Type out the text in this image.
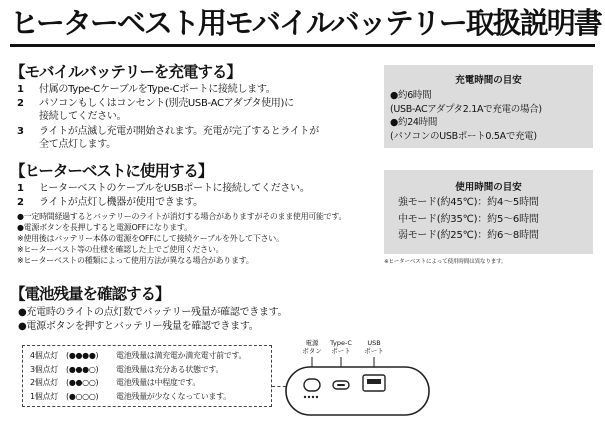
ヒーターベスト用モバイルバッテリー取扱説明書
【モバイルバッテリーを充電する】
1 付属のType-CケーブルをType-Cポートに接続します。
2 パソコンもしくはコンセント(別売USB-ACアダプタ使用)に
接続してください。
3 ライトが点滅し充電が開始されます。充電が完了するとライトが
全て点灯します。
充電時間の目安
●約6時間
(USB-ACアダプタ2.1Aで充電の場合)
●約24時間
(パソコンのUSBポート0.5Aで充電)
【ヒーターベストに使用する】
1 ヒーターベストのケーブルをUSBポートに接続してください。
2 ライトが点灯し機器が使用できます。
●一定時間経過するとバッテリーのライトが消灯する場合がありますがそのまま使用可能です。
●電源ボタンを長押しすると電源OFFになります。
※使用後はバッテリー本体の電源をOFFにして接続ケーブルを外して下さい。
※ヒーターベスト等の仕様を確認した上でご使用ください。
※ヒーターベストの種類によって使用方法が異なる場合があります。
使用時間の目安
強モード(約45℃)：約4〜5時間
中モード(約35℃)：約5〜6時間
弱モード(約25℃)：約6〜8時間
※ヒーターベストによって使用時間は異なります。
【電池残量を確認する】
●充電時のライトの点灯数でバッテリー残量が確認できます。
●電源ボタンを押すとバッテリー残量を確認できます。
4個点灯 (●●●●) 電池残量は満充電か満充電寸前です。
3個点灯 (●●●○) 電池残量は充分ある状態です。
2個点灯 (●●○○) 電池残量は中程度です。
1個点灯 (●○○○) 電池残量が少なくなっています。
電源
ボタン
Type-C
ポート
USB
ポート
